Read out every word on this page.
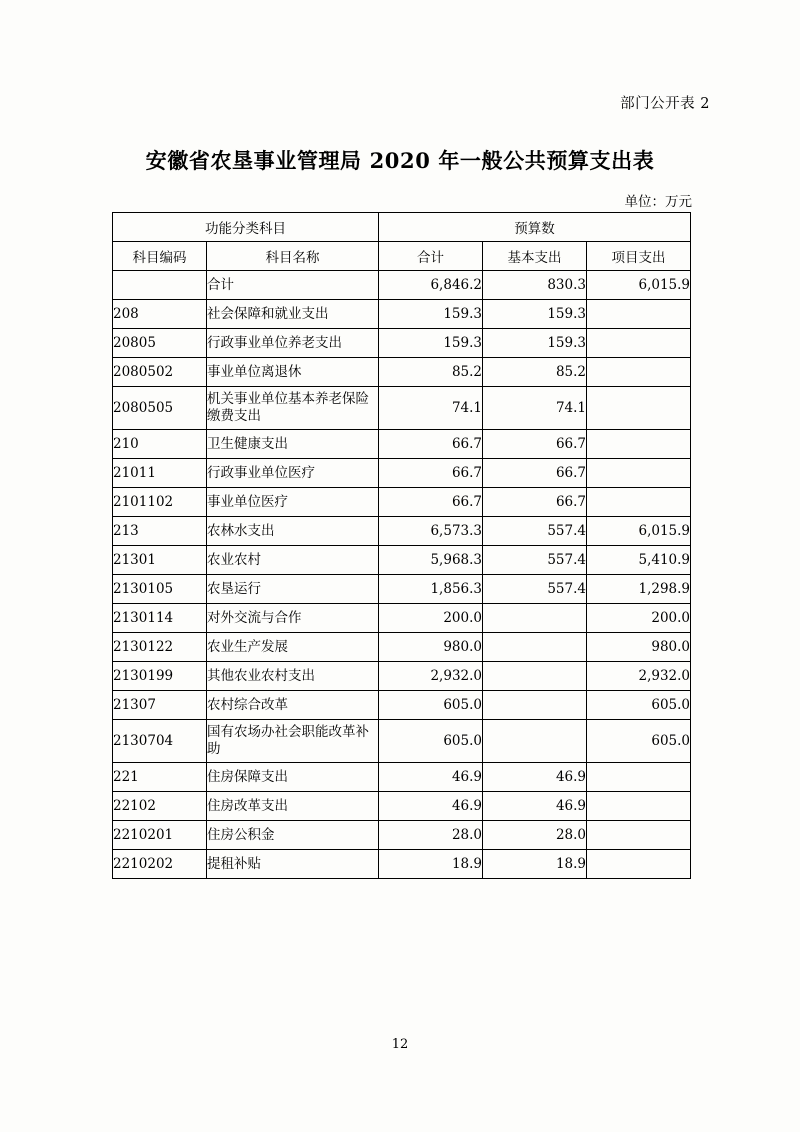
部门公开表 2
安徽省农垦事业管理局 2020 年一般公共预算支出表
单位：万元
功能分类科目		预算数		
科目编码	科目名称	合计	基本支出	项目支出
	合计	6,846.2	830.3	6,015.9
208	社会保障和就业支出	159.3	159.3	
20805	行政事业单位养老支出	159.3	159.3	
2080502	事业单位离退休	85.2	85.2	
2080505	机关事业单位基本养老保险缴费支出	74.1	74.1	
210	卫生健康支出	66.7	66.7	
21011	行政事业单位医疗	66.7	66.7	
2101102	事业单位医疗	66.7	66.7	
213	农林水支出	6,573.3	557.4	6,015.9
21301	农业农村	5,968.3	557.4	5,410.9
2130105	农垦运行	1,856.3	557.4	1,298.9
2130114	对外交流与合作	200.0		200.0
2130122	农业生产发展	980.0		980.0
2130199	其他农业农村支出	2,932.0		2,932.0
21307	农村综合改革	605.0		605.0
2130704	国有农场办社会职能改革补助	605.0		605.0
221	住房保障支出	46.9	46.9	
22102	住房改革支出	46.9	46.9	
2210201	住房公积金	28.0	28.0	
2210202	提租补贴	18.9	18.9	
12
